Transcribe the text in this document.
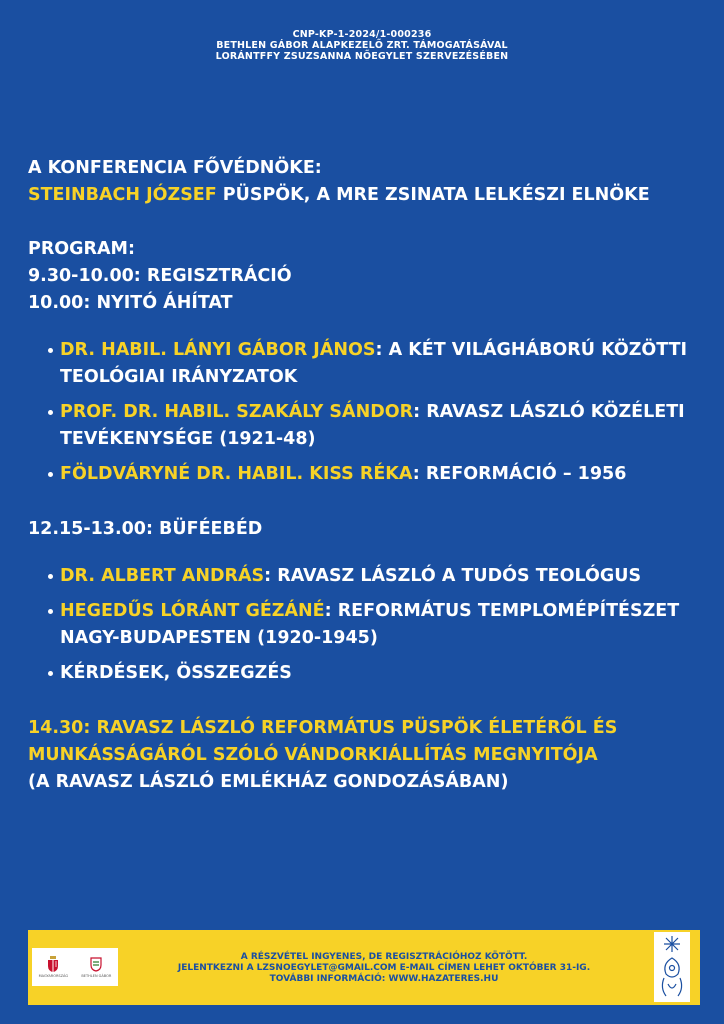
CNP-KP-1-2024/1-000236
BETHLEN GÁBOR ALAPKEZELŐ ZRT. TÁMOGATÁSÁVAL
LORÁNTFFY ZSUZSANNA NŐEGYLET SZERVEZÉSÉBEN
A KONFERENCIA FŐVÉDNÖKE:
STEINBACH JÓZSEF PÜSPÖK, A MRE ZSINATA LELKÉSZI ELNÖKE
PROGRAM:
9.30-10.00: REGISZTRÁCIÓ
10.00: NYITÓ ÁHÍTAT
DR. HABIL. LÁNYI GÁBOR JÁNOS: A KÉT VILÁGHÁBORÚ KÖZÖTTI TEOLÓGIAI IRÁNYZATOK
PROF. DR. HABIL. SZAKÁLY SÁNDOR: RAVASZ LÁSZLÓ KÖZÉLETI TEVÉKENYSÉGE (1921-48)
FÖLDVÁRYNÉ DR. HABIL. KISS RÉKA: REFORMÁCIÓ – 1956
12.15-13.00: BÜFÉEBÉD
DR. ALBERT ANDRÁS: RAVASZ LÁSZLÓ A TUDÓS TEOLÓGUS
HEGEDŰS LÓRÁNT GÉZÁNÉ: REFORMÁTUS TEMPLOMÉPÍTÉSZET NAGY-BUDAPESTEN (1920-1945)
KÉRDÉSEK, ÖSSZEGZÉS
14.30: RAVASZ LÁSZLÓ REFORMÁTUS PÜSPÖK ÉLETÉRŐL ÉS MUNKÁSSÁGÁRÓL SZÓLÓ VÁNDORKIÁLLÍTÁS MEGNYITÓJA
(A RAVASZ LÁSZLÓ EMLÉKHÁZ GONDOZÁSÁBAN)
MAGYARORSZÁG	BETHLEN GÁBOR
A RÉSZVÉTEL INGYENES, DE REGISZTRÁCIÓHOZ KÖTÖTT.
JELENTKEZNI A LZSNOEGYLET@GMAIL.COM E-MAIL CÍMEN LEHET OKTÓBER 31-IG.
TOVÁBBI INFORMÁCIÓ: WWW.HAZATERES.HU
